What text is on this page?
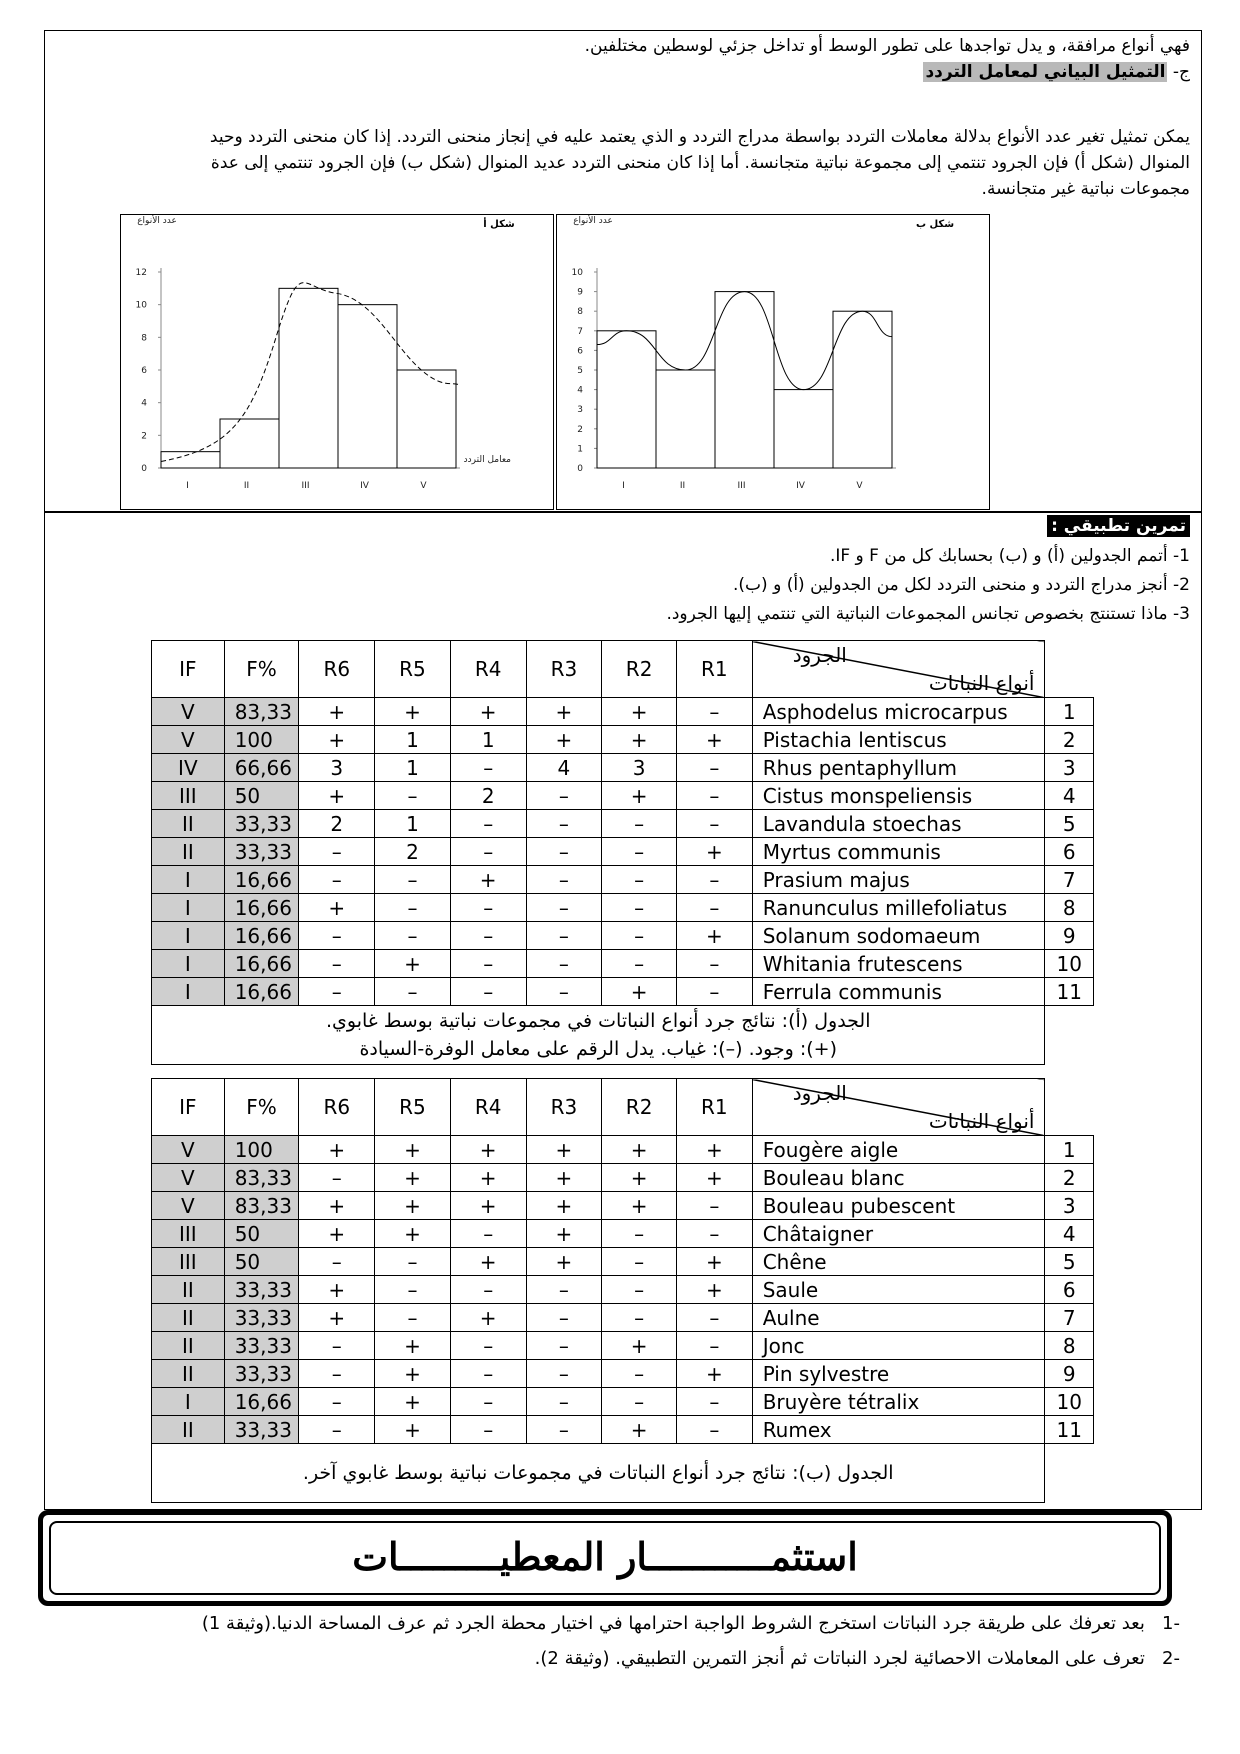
فهي أنواع مرافقة، و يدل تواجدها على تطور الوسط أو تداخل جزئي لوسطين مختلفين.
ج- التمثيل البياني لمعامل التردد
يمكن تمثيل تغير عدد الأنواع بدلالة معاملات التردد بواسطة مدراج التردد و الذي يعتمد عليه في إنجاز منحنى التردد. إذا كان منحنى التردد وحيد
المنوال (شكل أ) فإن الجرود تنتمي إلى مجموعة نباتية متجانسة. أما إذا كان منحنى التردد عديد المنوال (شكل ب) فإن الجرود تنتمي إلى عدة
مجموعات نباتية غير متجانسة.
0
2
4
6
8
10
12
I	II	III	IV	V
شكل أ
عدد الأنواع
معامل التردد
0
1
2
3
4
5
6
7
8
9
10
I	II	III	IV	V
شكل ب
عدد الأنواع
تمرين تطبيقي :
1- أتمم الجدولين (أ) و (ب) بحسابك كل من F و IF.
2- أنجز مدراج التردد و منحنى التردد لكل من الجدولين (أ) و (ب).
3- ماذا تستنتج بخصوص تجانس المجموعات النباتية التي تنتمي إليها الجرود.
IF	F%	R6	R5	R4	R3	R2	R1	الجرود
أنواع النباتات	

V	83,33	+	+	+	+	+	–	Asphodelus microcarpus	1
V	100	+	1	1	+	+	+	Pistachia lentiscus	2
IV	66,66	3	1	–	4	3	–	Rhus pentaphyllum	3
III	50	+	–	2	–	+	–	Cistus monspeliensis	4
II	33,33	2	1	–	–	–	–	Lavandula stoechas	5
II	33,33	–	2	–	–	–	+	Myrtus communis	6
I	16,66	–	–	+	–	–	–	Prasium majus	7
I	16,66	+	–	–	–	–	–	Ranunculus millefoliatus	8
I	16,66	–	–	–	–	–	+	Solanum sodomaeum	9
I	16,66	–	+	–	–	–	–	Whitania frutescens	10
I	16,66	–	–	–	–	+	–	Ferrula communis	11

الجدول (أ): نتائج جرد أنواع النباتات في مجموعات نباتية بوسط غابوي.
(+): وجود. (–): غياب. يدل الرقم على معامل الوفرة-السيادة									

IF	F%	R6	R5	R4	R3	R2	R1	الجرود
أنواع النباتات	

V	100	+	+	+	+	+	+	Fougère aigle	1
V	83,33	–	+	+	+	+	+	Bouleau blanc	2
V	83,33	+	+	+	+	+	–	Bouleau pubescent	3
III	50	+	+	–	+	–	–	Châtaigner	4
III	50	–	–	+	+	–	+	Chêne	5
II	33,33	+	–	–	–	–	+	Saule	6
II	33,33	+	–	+	–	–	–	Aulne	7
II	33,33	–	+	–	–	+	–	Jonc	8
II	33,33	–	+	–	–	–	+	Pin sylvestre	9
I	16,66	–	+	–	–	–	–	Bruyère tétralix	10
II	33,33	–	+	–	–	+	–	Rumex	11

الجدول (ب): نتائج جرد أنواع النباتات في مجموعات نباتية بوسط غابوي آخر.									

استثمـــــــــــار المعطيـــــــــات
-1   بعد تعرفك على طريقة جرد النباتات استخرج الشروط الواجبة احترامها في اختيار محطة الجرد ثم عرف المساحة الدنيا.(وثيقة 1)
-2   تعرف على المعاملات الاحصائية لجرد النباتات ثم أنجز التمرين التطبيقي. (وثيقة 2).
